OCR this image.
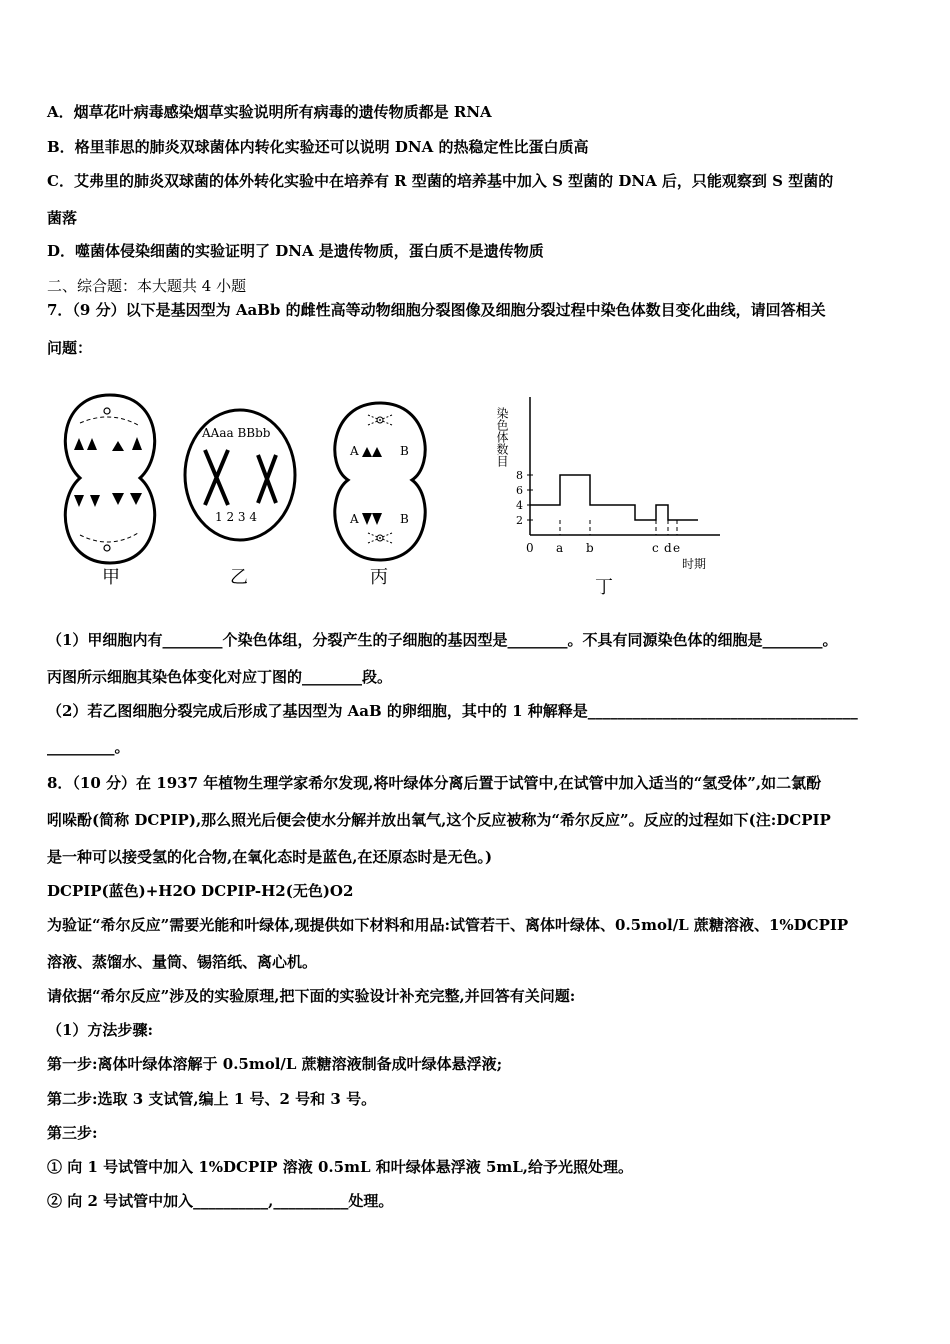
A．烟草花叶病毒感染烟草实验说明所有病毒的遗传物质都是 RNA
B．格里菲思的肺炎双球菌体内转化实验还可以说明 DNA 的热稳定性比蛋白质高
C．艾弗里的肺炎双球菌的体外转化实验中在培养有 R 型菌的培养基中加入 S 型菌的 DNA 后，只能观察到 S 型菌的
菌落
D．噬菌体侵染细菌的实验证明了 DNA 是遗传物质，蛋白质不是遗传物质
二、综合题：本大题共 4 小题
7．（9 分）以下是基因型为 AaBb 的雌性高等动物细胞分裂图像及细胞分裂过程中染色体数目变化曲线，请回答相关
问题：
甲
AAaa BBbb
1 2 3 4
乙
A	B
A	B
丙
2
4
6
8
0 a b	c d e
染色体数目
时期
丁
（1）甲细胞内有________个染色体组，分裂产生的子细胞的基因型是________。不具有同源染色体的细胞是________。
丙图所示细胞其染色体变化对应丁图的________段。
（2）若乙图细胞分裂完成后形成了基因型为 AaB 的卵细胞，其中的 1 种解释是____________________________________
_________。
8．（10 分）在 1937 年植物生理学家希尔发现,将叶绿体分离后置于试管中,在试管中加入适当的“氢受体”,如二氯酚
吲哚酚(简称 DCPIP),那么照光后便会使水分解并放出氧气,这个反应被称为“希尔反应”。反应的过程如下(注:DCPIP
是一种可以接受氢的化合物,在氧化态时是蓝色,在还原态时是无色。)
DCPIP(蓝色)+H2O DCPIP-H2(无色)O2
为验证“希尔反应”需要光能和叶绿体,现提供如下材料和用品:试管若干、离体叶绿体、0.5mol/L 蔗糖溶液、1%DCPIP
溶液、蒸馏水、量筒、锡箔纸、离心机。
请依据“希尔反应”涉及的实验原理,把下面的实验设计补充完整,并回答有关问题:
（1）方法步骤:
第一步:离体叶绿体溶解于 0.5mol/L 蔗糖溶液制备成叶绿体悬浮液;
第二步:选取 3 支试管,编上 1 号、2 号和 3 号。
第三步:
① 向 1 号试管中加入 1%DCPIP 溶液 0.5mL 和叶绿体悬浮液 5mL,给予光照处理。
② 向 2 号试管中加入__________,__________处理。
